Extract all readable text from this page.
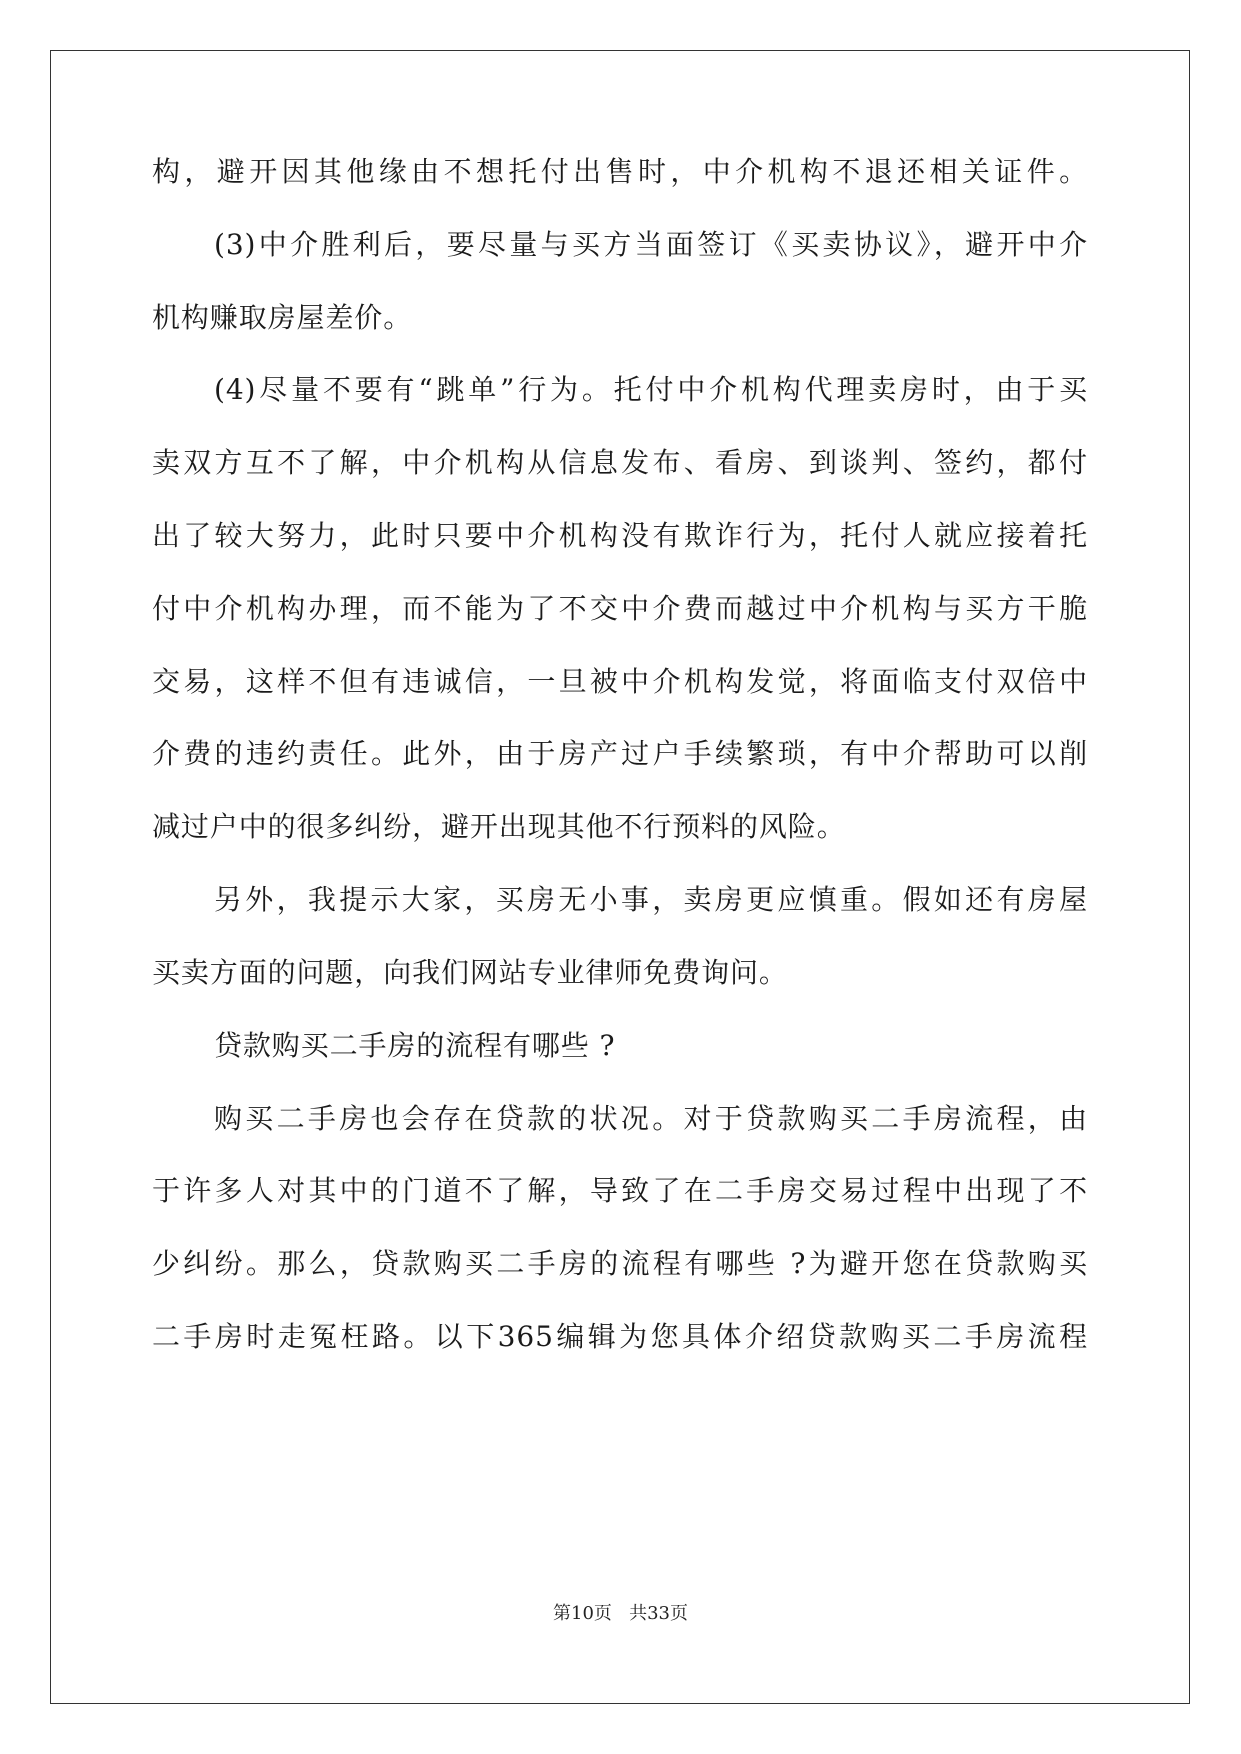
构，避开因其他缘由不想托付出售时，中介机构不退还相关证件。
(3)中介胜利后，要尽量与买方当面签订《买卖协议》，避开中介
机构赚取房屋差价。
(4)尽量不要有“跳单”行为。托付中介机构代理卖房时，由于买
卖双方互不了解，中介机构从信息发布、看房、到谈判、签约，都付
出了较大努力，此时只要中介机构没有欺诈行为，托付人就应接着托
付中介机构办理，而不能为了不交中介费而越过中介机构与买方干脆
交易，这样不但有违诚信，一旦被中介机构发觉，将面临支付双倍中
介费的违约责任。此外，由于房产过户手续繁琐，有中介帮助可以削
减过户中的很多纠纷，避开出现其他不行预料的风险。
另外，我提示大家，买房无小事，卖房更应慎重。假如还有房屋
买卖方面的问题，向我们网站专业律师免费询问。
贷款购买二手房的流程有哪些 ?
购买二手房也会存在贷款的状况。对于贷款购买二手房流程，由
于许多人对其中的门道不了解，导致了在二手房交易过程中出现了不
少纠纷。那么，贷款购买二手房的流程有哪些 ?为避开您在贷款购买
二手房时走冤枉路。以下365编辑为您具体介绍贷款购买二手房流程
第10页 共33页
